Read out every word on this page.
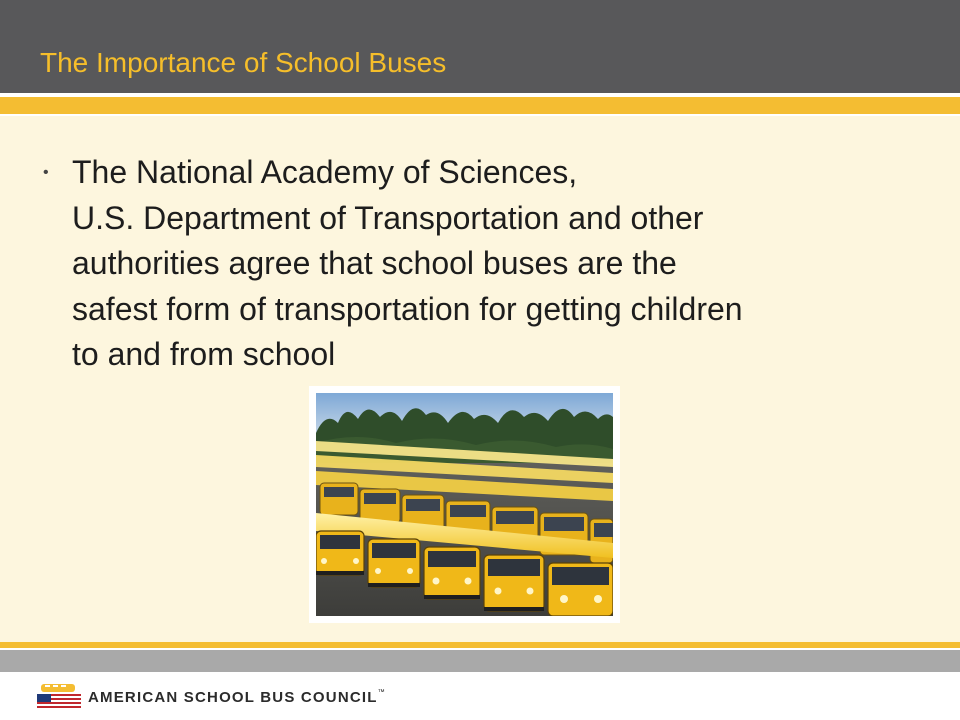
The Importance of School Buses
• The National Academy of Sciences,
U.S. Department of Transportation and other
authorities agree that school buses are the
safest form of transportation for getting children
to and from school
AMERICAN SCHOOL BUS COUNCIL™
